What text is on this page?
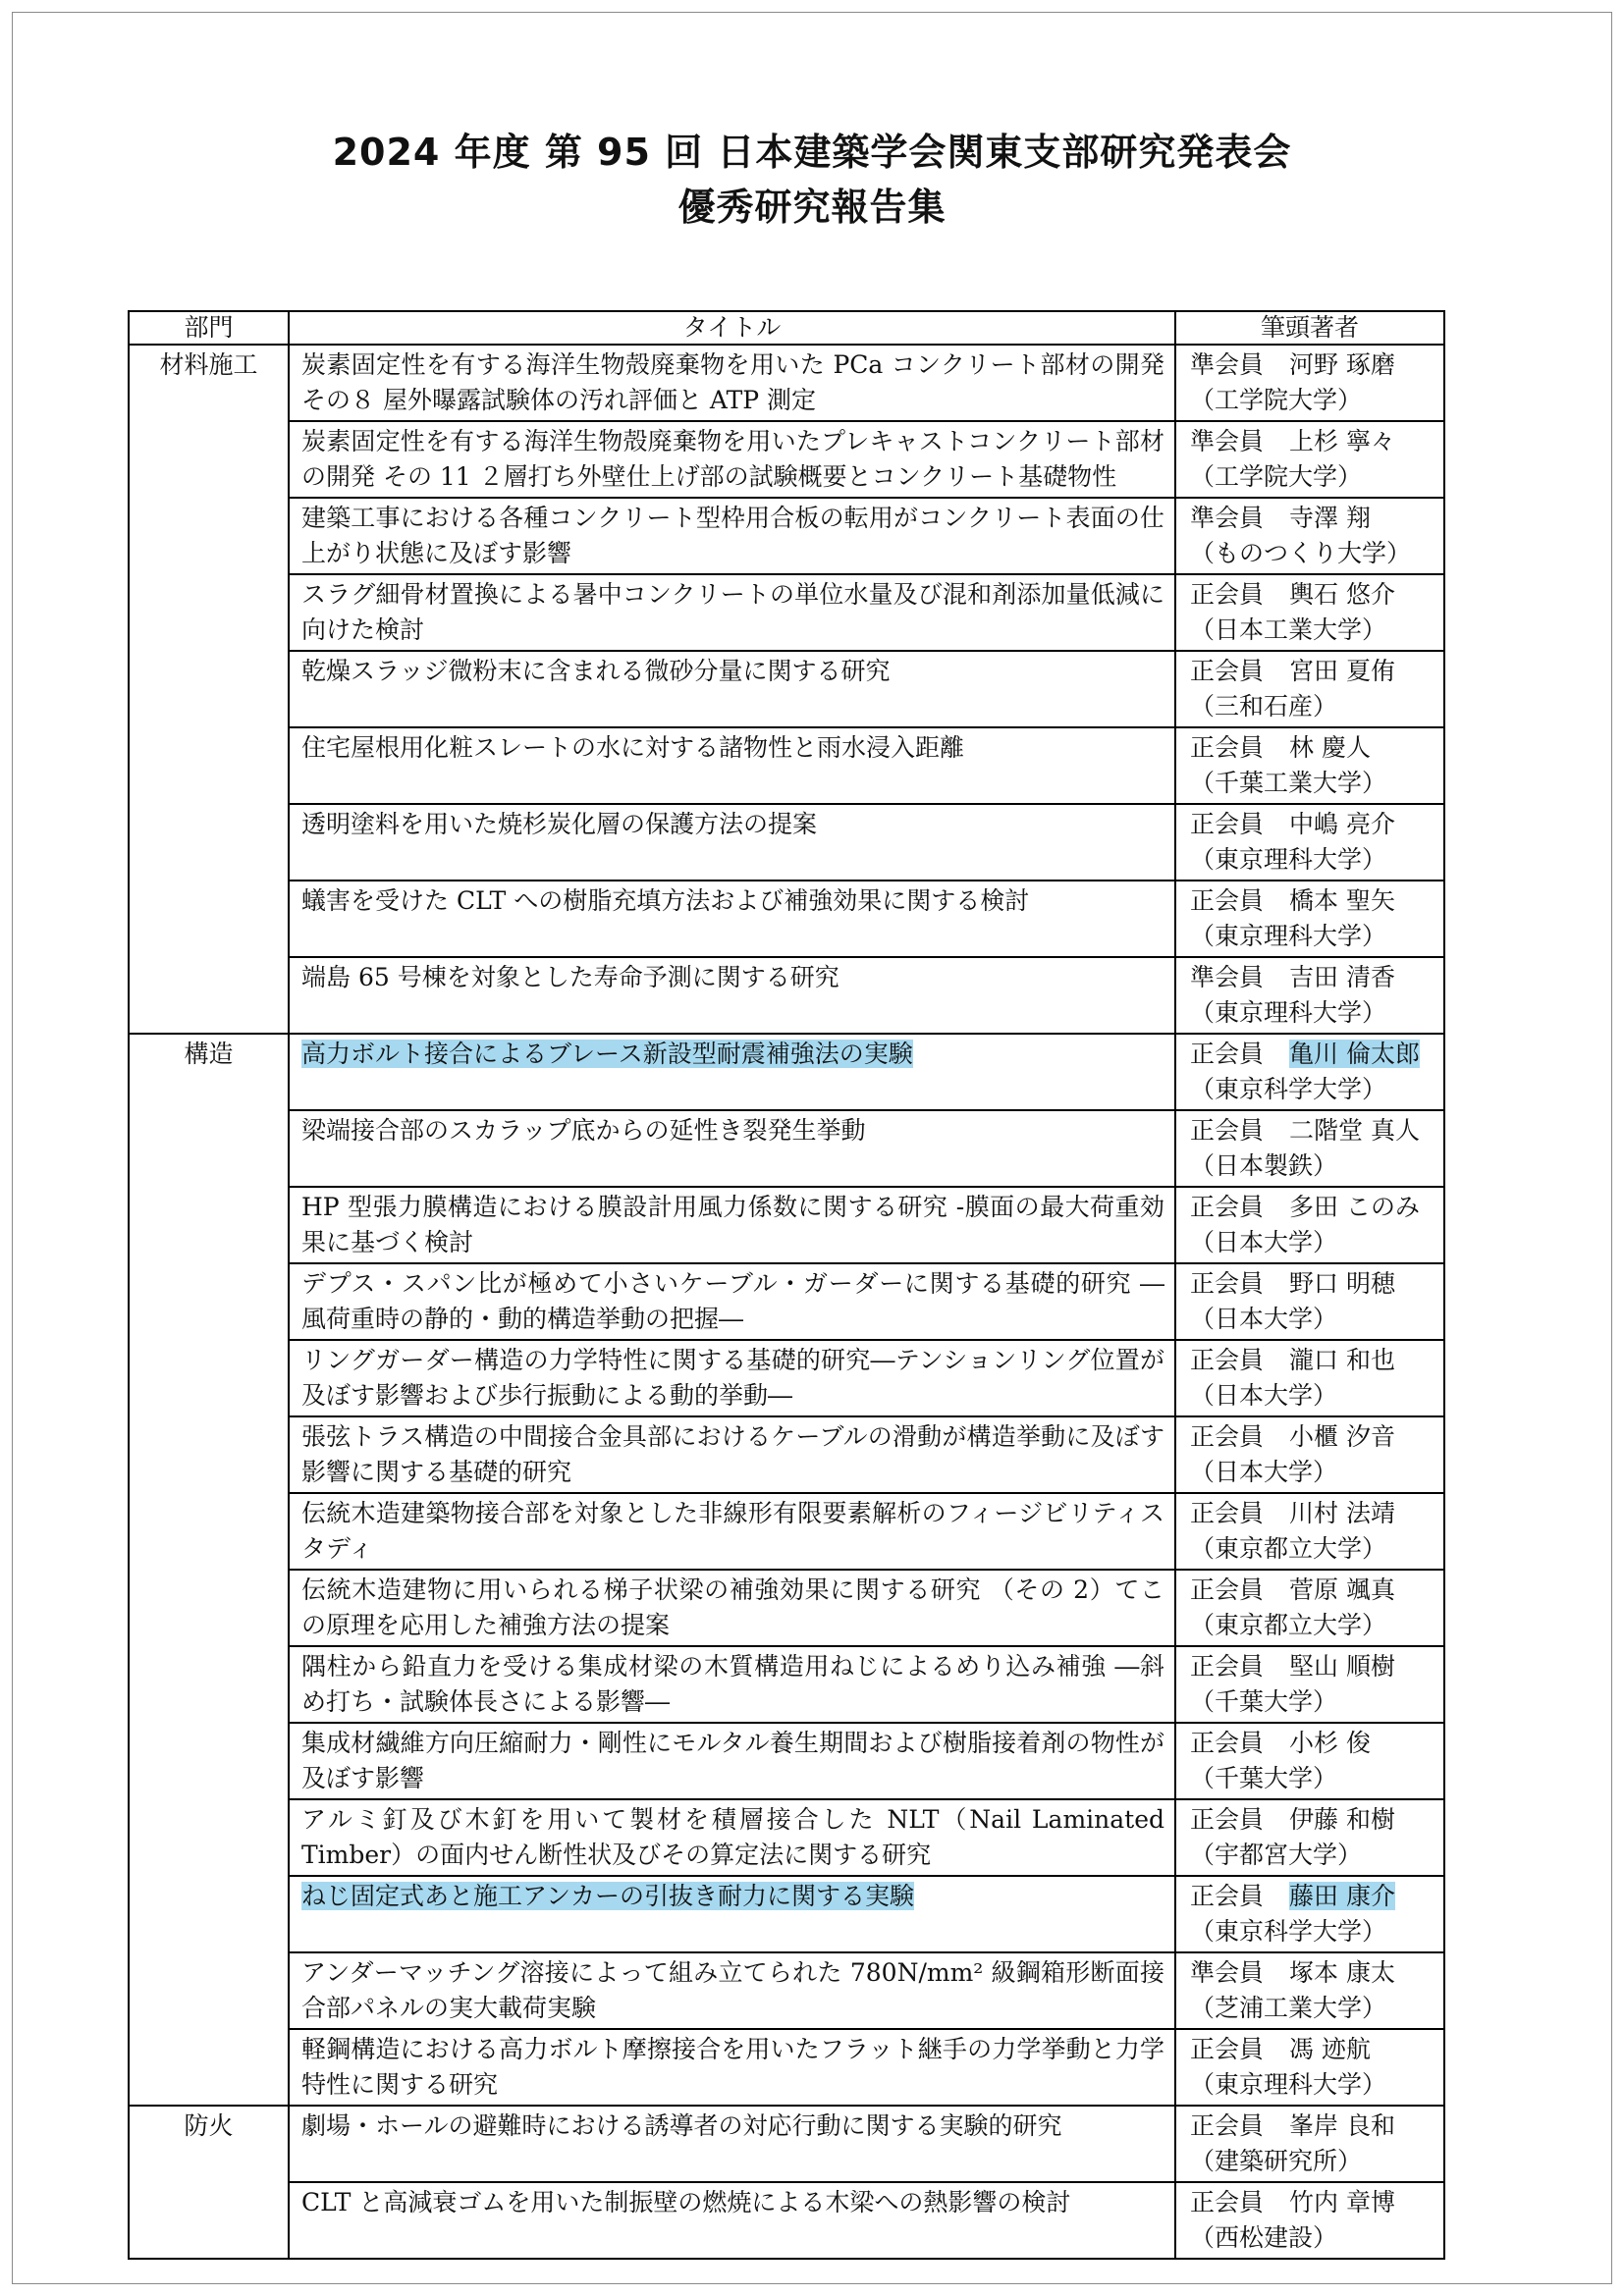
2024 年度 第 95 回 日本建築学会関東支部研究発表会
優秀研究報告集
部門	タイトル	筆頭著者
材料施工	炭素固定性を有する海洋生物殻廃棄物を用いた PCa コンクリート部材の開発 その８ 屋外曝露試験体の汚れ評価と ATP 測定	準会員 河野 琢磨
（工学院大学）

	炭素固定性を有する海洋生物殻廃棄物を用いたプレキャストコンクリート部材の開発 その 11 ２層打ち外壁仕上げ部の試験概要とコンクリート基礎物性	準会員 上杉 寧々
（工学院大学）

	建築工事における各種コンクリート型枠用合板の転用がコンクリート表面の仕上がり状態に及ぼす影響	準会員 寺澤 翔
（ものつくり大学）

	スラグ細骨材置換による暑中コンクリートの単位水量及び混和剤添加量低減に向けた検討	正会員 輿石 悠介
（日本工業大学）

	乾燥スラッジ微粉末に含まれる微砂分量に関する研究	正会員 宮田 夏侑
（三和石産）

	住宅屋根用化粧スレートの水に対する諸物性と雨水浸入距離	正会員 林 慶人
（千葉工業大学）

	透明塗料を用いた焼杉炭化層の保護方法の提案	正会員 中嶋 亮介
（東京理科大学）

	蟻害を受けた CLT への樹脂充填方法および補強効果に関する検討	正会員 橋本 聖矢
（東京理科大学）

	端島 65 号棟を対象とした寿命予測に関する研究	準会員 吉田 清香
（東京理科大学）

構造	高力ボルト接合によるブレース新設型耐震補強法の実験	正会員 亀川 倫太郎
（東京科学大学）

	梁端接合部のスカラップ底からの延性き裂発生挙動	正会員 二階堂 真人
（日本製鉄）

	HP 型張力膜構造における膜設計用風力係数に関する研究 -膜面の最大荷重効果に基づく検討	正会員 多田 このみ
（日本大学）

	デプス・スパン比が極めて小さいケーブル・ガーダーに関する基礎的研究 ―風荷重時の静的・動的構造挙動の把握―	正会員 野口 明穂
（日本大学）

	リングガーダー構造の力学特性に関する基礎的研究―テンションリング位置が及ぼす影響および歩行振動による動的挙動―	正会員 瀧口 和也
（日本大学）

	張弦トラス構造の中間接合金具部におけるケーブルの滑動が構造挙動に及ぼす影響に関する基礎的研究	正会員 小櫃 汐音
（日本大学）

	伝統木造建築物接合部を対象とした非線形有限要素解析のフィージビリティスタディ	正会員 川村 法靖
（東京都立大学）

	伝統木造建物に用いられる梯子状梁の補強効果に関する研究 （その 2）てこの原理を応用した補強方法の提案	正会員 菅原 颯真
（東京都立大学）

	隅柱から鉛直力を受ける集成材梁の木質構造用ねじによるめり込み補強 ―斜め打ち・試験体長さによる影響―	正会員 堅山 順樹
（千葉大学）

	集成材繊維方向圧縮耐力・剛性にモルタル養生期間および樹脂接着剤の物性が及ぼす影響	正会員 小杉 俊
（千葉大学）

	アルミ釘及び木釘を用いて製材を積層接合した NLT（Nail Laminated Timber）の面内せん断性状及びその算定法に関する研究	正会員 伊藤 和樹
（宇都宮大学）

	ねじ固定式あと施工アンカーの引抜き耐力に関する実験	正会員 藤田 康介
（東京科学大学）

	アンダーマッチング溶接によって組み立てられた 780N/mm² 級鋼箱形断面接合部パネルの実大載荷実験	準会員 塚本 康太
（芝浦工業大学）

	軽鋼構造における高力ボルト摩擦接合を用いたフラット継手の力学挙動と力学特性に関する研究	正会員 馮 迹航
（東京理科大学）

防火	劇場・ホールの避難時における誘導者の対応行動に関する実験的研究	正会員 峯岸 良和
（建築研究所）

	CLT と高減衰ゴムを用いた制振壁の燃焼による木梁への熱影響の検討	正会員 竹内 章博
（西松建設）
